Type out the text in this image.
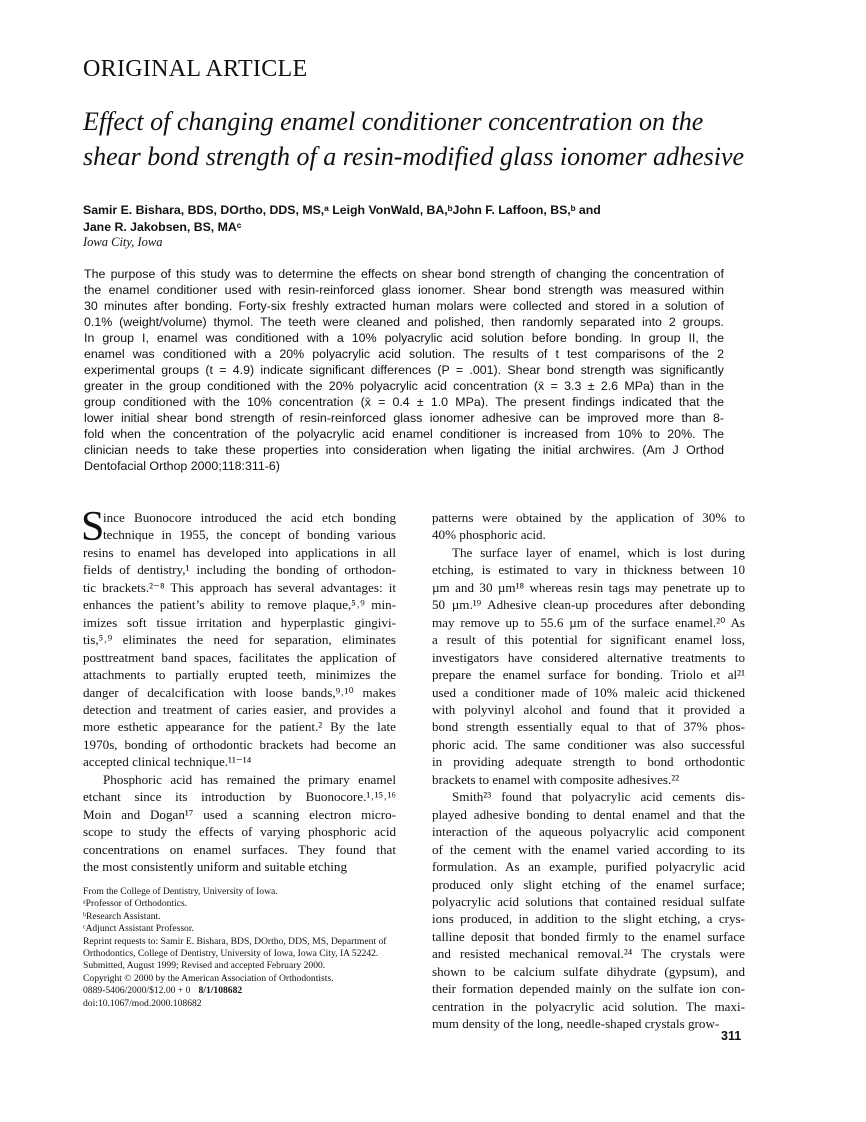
ORIGINAL ARTICLE
Effect of changing enamel conditioner concentration on the
shear bond strength of a resin-modified glass ionomer adhesive
Samir E. Bishara, BDS, DOrtho, DDS, MS,ᵃ Leigh VonWald, BA,ᵇJohn F. Laffoon, BS,ᵇ and
Jane R. Jakobsen, BS, MAᶜ
Iowa City, Iowa
The purpose of this study was to determine the effects on shear bond strength of changing the concentration of
the enamel conditioner used with resin-reinforced glass ionomer. Shear bond strength was measured within
30 minutes after bonding. Forty-six freshly extracted human molars were collected and stored in a solution of
0.1% (weight/volume) thymol. The teeth were cleaned and polished, then randomly separated into 2 groups.
In group I, enamel was conditioned with a 10% polyacrylic acid solution before bonding. In group II, the
enamel was conditioned with a 20% polyacrylic acid solution. The results of t test comparisons of the 2
experimental groups (t = 4.9) indicate significant differences (P = .001). Shear bond strength was significantly
greater in the group conditioned with the 20% polyacrylic acid concentration (x̄ = 3.3 ± 2.6 MPa) than in the
group conditioned with the 10% concentration (x̄ = 0.4 ± 1.0 MPa). The present findings indicated that the
lower initial shear bond strength of resin-reinforced glass ionomer adhesive can be improved more than 8-
fold when the concentration of the polyacrylic acid enamel conditioner is increased from 10% to 20%. The
clinician needs to take these properties into consideration when ligating the initial archwires. (Am J Orthod
Dentofacial Orthop 2000;118:311-6)
S
ince Buonocore introduced the acid etch bonding
technique in 1955, the concept of bonding various
resins to enamel has developed into applications in all
fields of dentistry,¹ including the bonding of orthodon-
tic brackets.²⁻⁸ This approach has several advantages: it
enhances the patient’s ability to remove plaque,⁵˒⁹ min-
imizes soft tissue irritation and hyperplastic gingivi-
tis,⁵˒⁹ eliminates the need for separation, eliminates
posttreatment band spaces, facilitates the application of
attachments to partially erupted teeth, minimizes the
danger of decalcification with loose bands,⁹˒¹⁰ makes
detection and treatment of caries easier, and provides a
more esthetic appearance for the patient.² By the late
1970s, bonding of orthodontic brackets had become an
accepted clinical technique.¹¹⁻¹⁴
Phosphoric acid has remained the primary enamel
etchant since its introduction by Buonocore.¹˒¹⁵˒¹⁶
Moin and Dogan¹⁷ used a scanning electron micro-
scope to study the effects of varying phosphoric acid
concentrations on enamel surfaces. They found that
the most consistently uniform and suitable etching
patterns were obtained by the application of 30% to
40% phosphoric acid.
The surface layer of enamel, which is lost during
etching, is estimated to vary in thickness between 10
µm and 30 µm¹⁸ whereas resin tags may penetrate up to
50 µm.¹⁹ Adhesive clean-up procedures after debonding
may remove up to 55.6 µm of the surface enamel.²⁰ As
a result of this potential for significant enamel loss,
investigators have considered alternative treatments to
prepare the enamel surface for bonding. Triolo et al²¹
used a conditioner made of 10% maleic acid thickened
with polyvinyl alcohol and found that it provided a
bond strength essentially equal to that of 37% phos-
phoric acid. The same conditioner was also successful
in providing adequate strength to bond orthodontic
brackets to enamel with composite adhesives.²²
Smith²³ found that polyacrylic acid cements dis-
played adhesive bonding to dental enamel and that the
interaction of the aqueous polyacrylic acid component
of the cement with the enamel varied according to its
formulation. As an example, purified polyacrylic acid
produced only slight etching of the enamel surface;
polyacrylic acid solutions that contained residual sulfate
ions produced, in addition to the slight etching, a crys-
talline deposit that bonded firmly to the enamel surface
and resisted mechanical removal.²⁴ The crystals were
shown to be calcium sulfate dihydrate (gypsum), and
their formation depended mainly on the sulfate ion con-
centration in the polyacrylic acid solution. The maxi-
mum density of the long, needle-shaped crystals grow-
From the College of Dentistry, University of Iowa.
ᵃProfessor of Orthodontics.
ᵇResearch Assistant.
ᶜAdjunct Assistant Professor.
Reprint requests to: Samir E. Bishara, BDS, DOrtho, DDS, MS, Department of
Orthodontics, College of Dentistry, University of Iowa, Iowa City, IA 52242.
Submitted, August 1999; Revised and accepted February 2000.
Copyright © 2000 by the American Association of Orthodontists.
0889-5406/2000/$12.00 + 0 8/1/108682
doi:10.1067/mod.2000.108682
311
